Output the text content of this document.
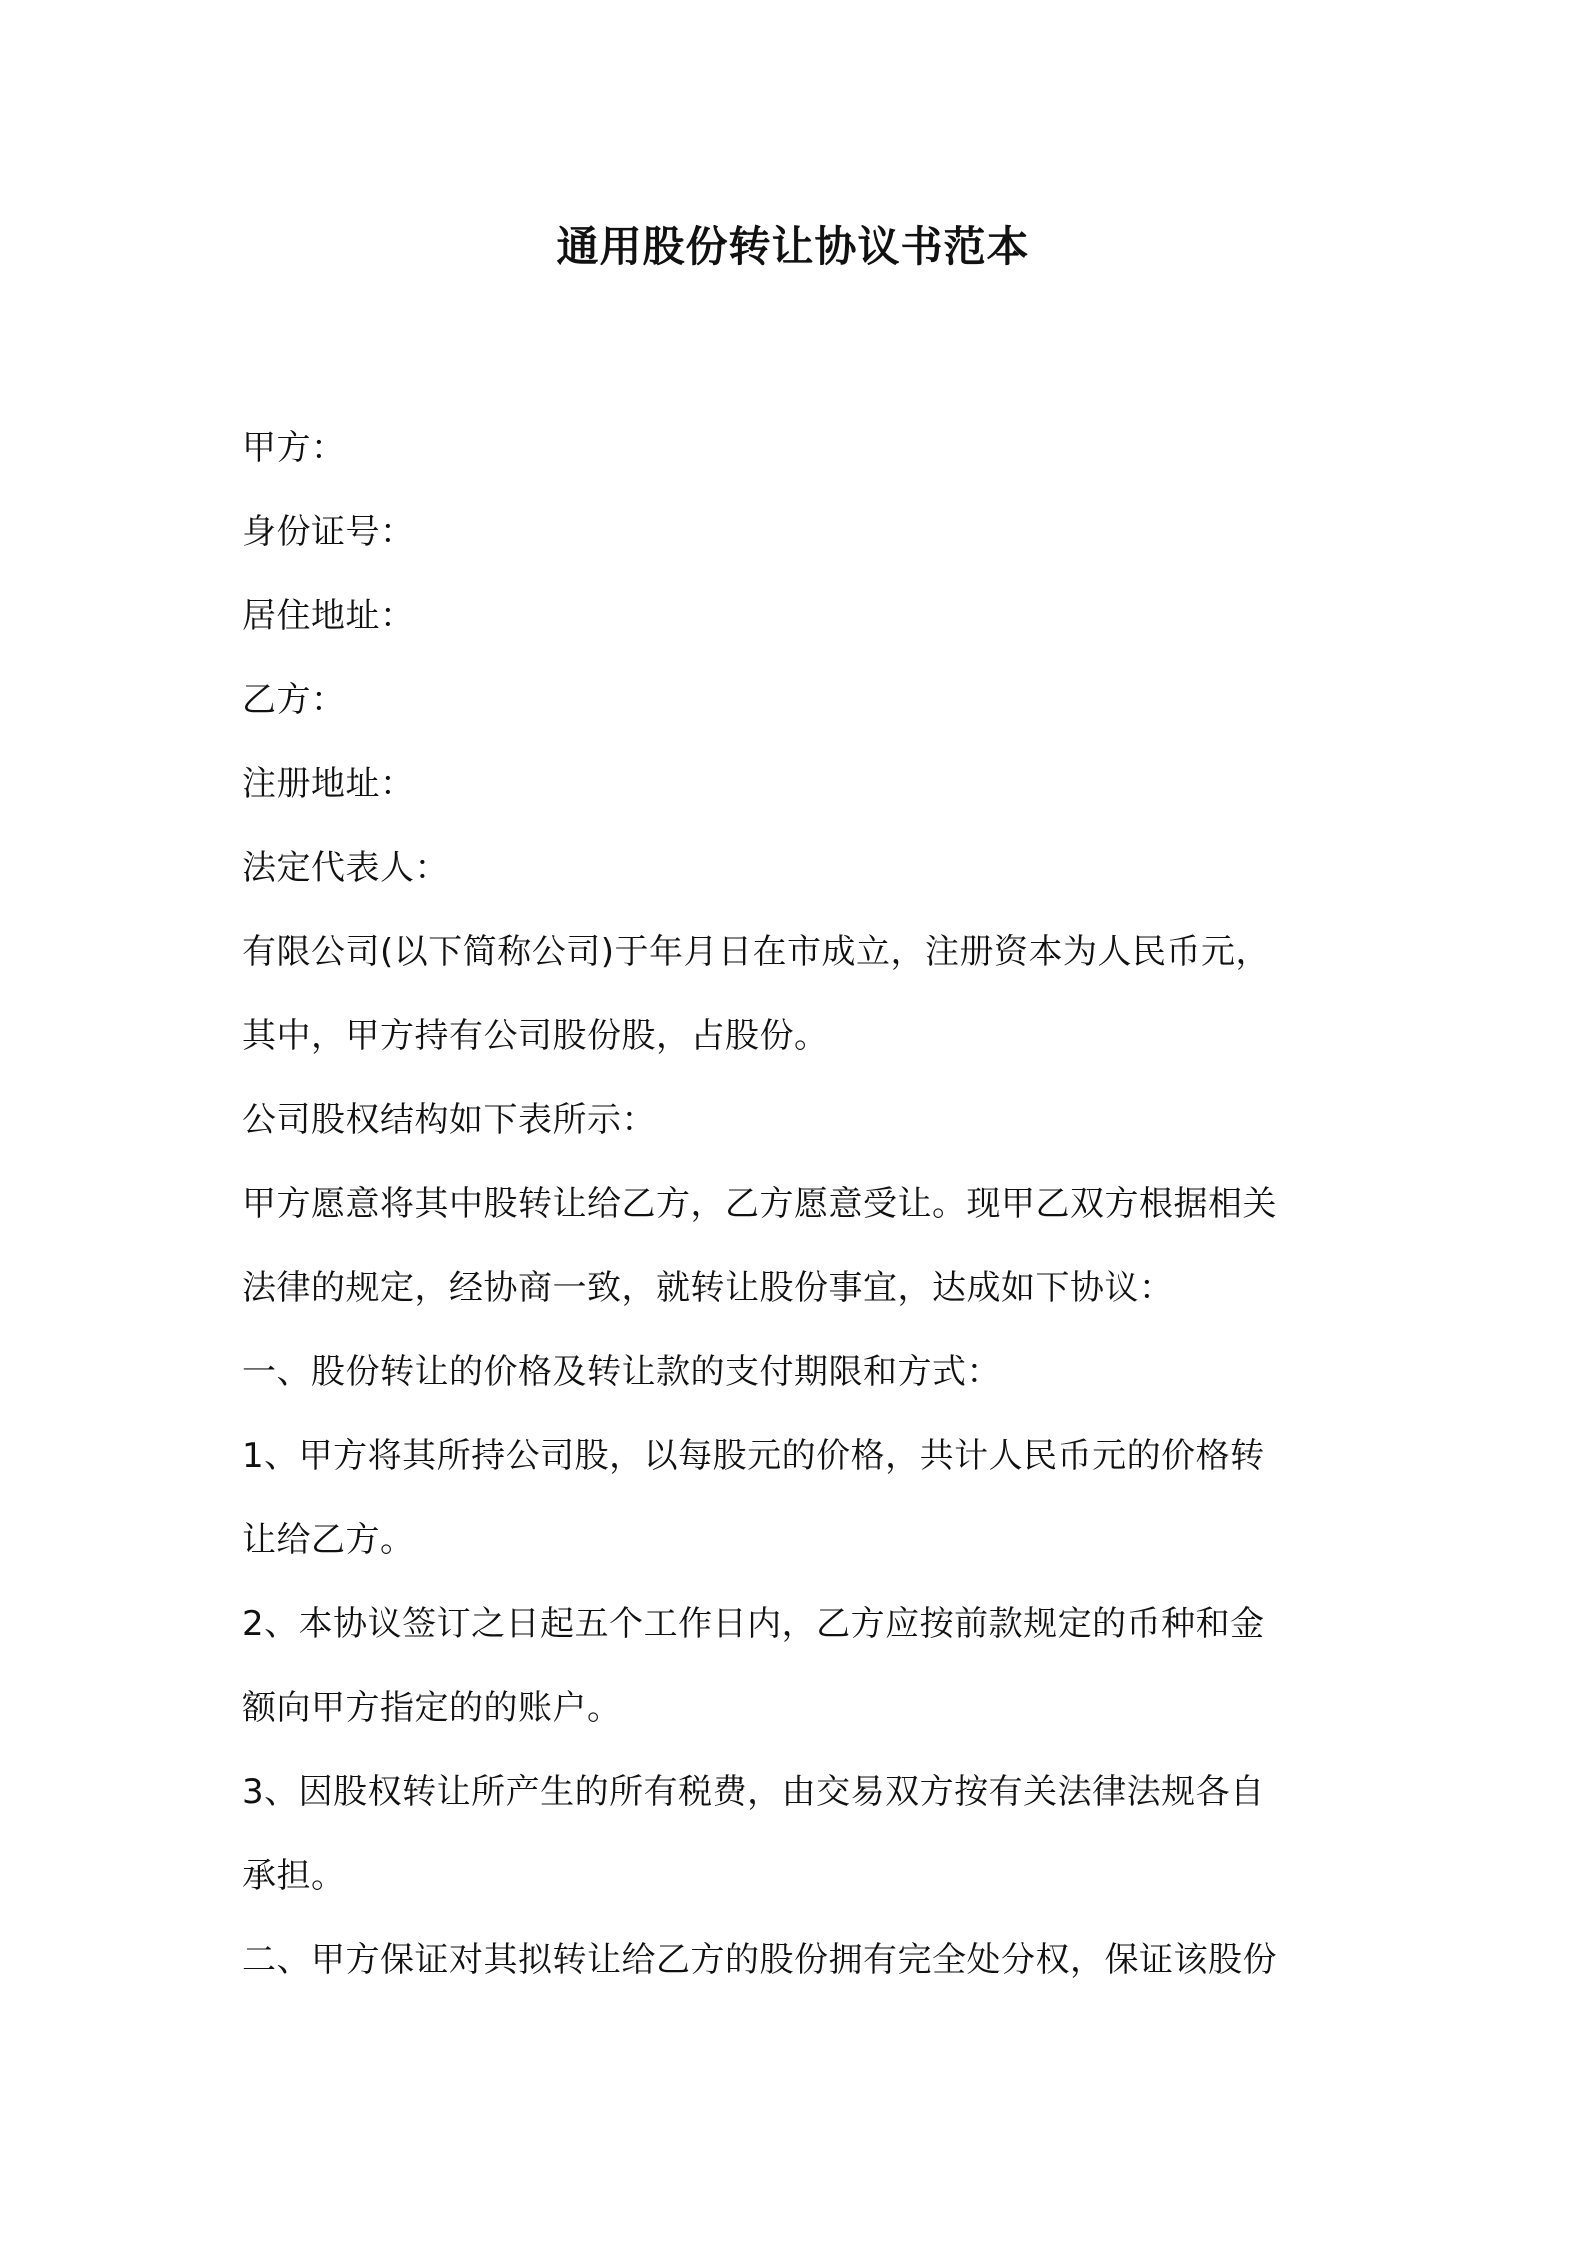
通用股份转让协议书范本

甲方：

身份证号：

居住地址：

乙方：

注册地址：

法定代表人：

有限公司(以下简称公司)于年月日在市成立，注册资本为人民币元，

其中，甲方持有公司股份股，占股份。

公司股权结构如下表所示：

甲方愿意将其中股转让给乙方，乙方愿意受让。现甲乙双方根据相关

法律的规定，经协商一致，就转让股份事宜，达成如下协议：

一、股份转让的价格及转让款的支付期限和方式：

1、甲方将其所持公司股，以每股元的价格，共计人民币元的价格转

让给乙方。

2、本协议签订之日起五个工作日内，乙方应按前款规定的币种和金

额向甲方指定的的账户。

3、因股权转让所产生的所有税费，由交易双方按有关法律法规各自

承担。

二、甲方保证对其拟转让给乙方的股份拥有完全处分权，保证该股份
